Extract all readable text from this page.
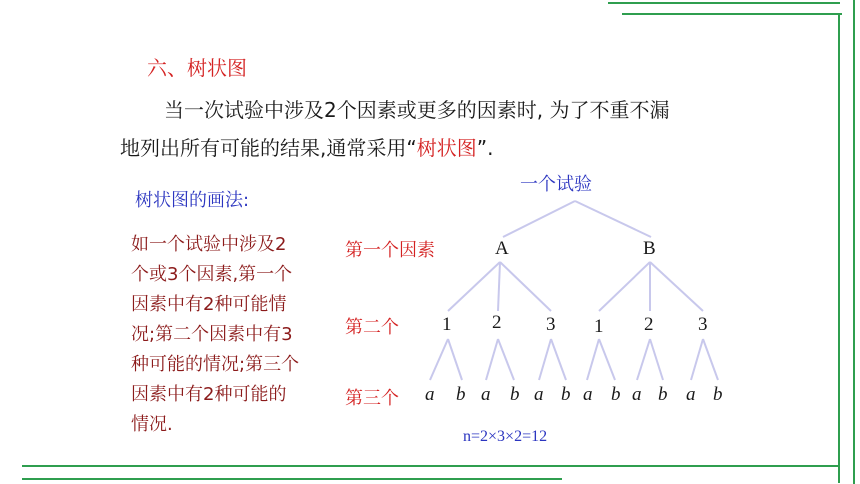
六、树状图
当一次试验中涉及2个因素或更多的因素时, 为了不重不漏
地列出所有可能的结果,通常采用“树状图”.
树状图的画法:
如一个试验中涉及2
个或3个因素,第一个
因素中有2种可能情
况;第二个因素中有3
种可能的情况;第三个
因素中有2种可能的
情况.
一个试验
第一个因素
第二个
第三个
A	B
1 2 3 1 2 3
a b a b a b a b a b a b
n=2×3×2=12
